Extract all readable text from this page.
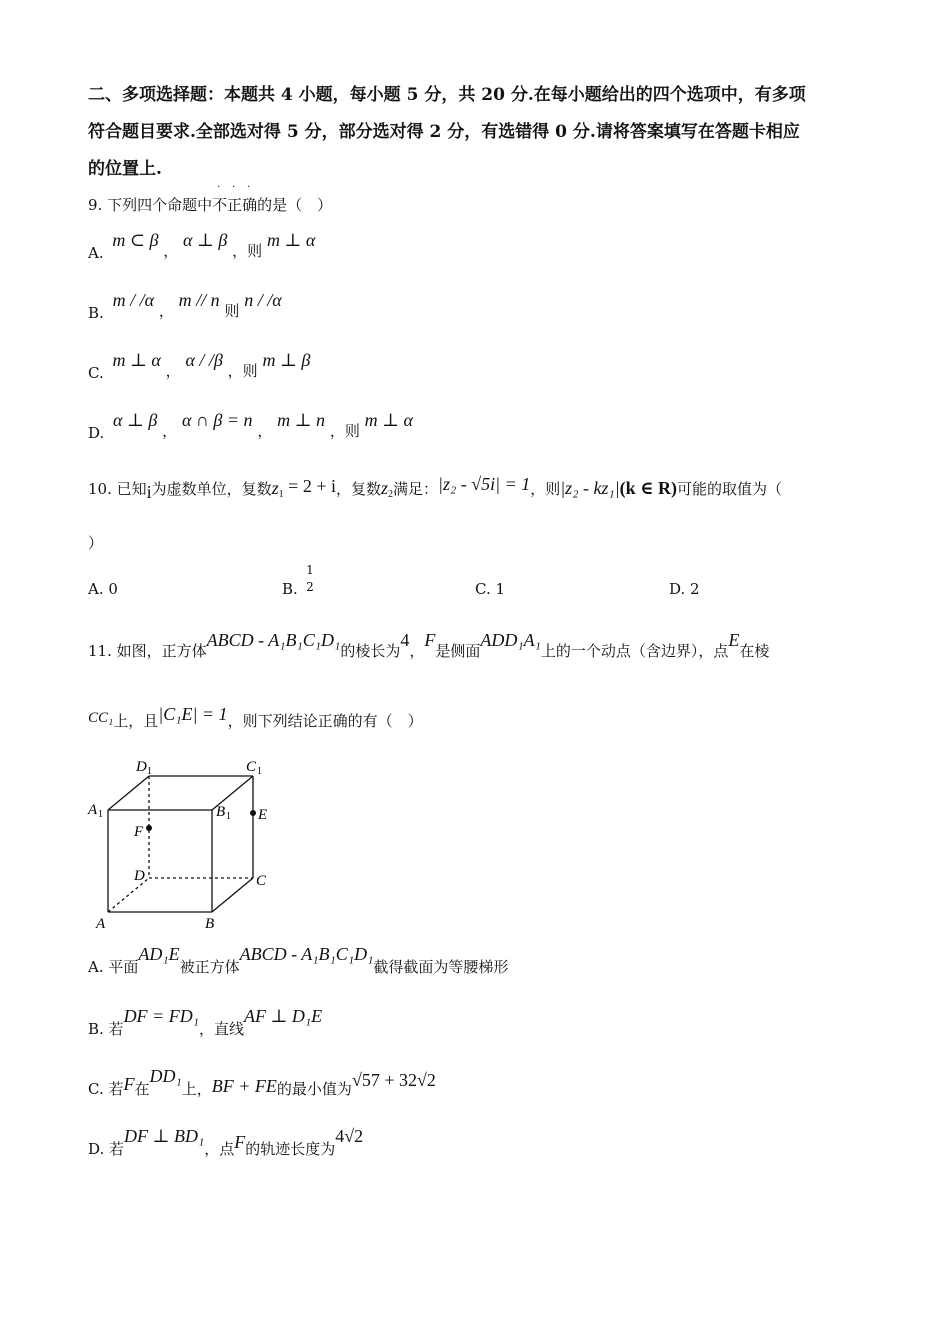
二、多项选择题：本题共 4 小题，每小题 5 分，共 20 分.在每小题给出的四个选项中，有多项
符合题目要求.全部选对得 5 分，部分选对得 2 分，有选错得 0 分.请将答案填写在答题卡相应
的位置上.
9. 下列四个命题中
· · ·
不正确的是（　）
A. m ⊂ β ， α ⊥ β ，则 m ⊥ α
B. m / /α ， m // n 则 n / /α
C. m ⊥ α ， α / /β ，则 m ⊥ β
D. α ⊥ β ， α ∩ β = n ， m ⊥ n ，则 m ⊥ α
10. 已知i为虚数单位，复数$z_1 = 2 + i$，复数$z_2$满足：|z₂ - √5i| = 1，则|z₂ - kz₁|(k ∈ R)可能的取值为（
）
A. 0	B.
1
2	C. 1	D. 2
11. 如图，正方体ABCD - A₁B₁C₁D₁的棱长为4，F是侧面ADD₁A₁上的一个动点（含边界），点E在棱
CC₁上，且|C₁E| = 1，则下列结论正确的有（　）
D 1	C 1
A 1	B 1
F
E
D	C
A	B
A. 平面AD₁E被正方体ABCD - A₁B₁C₁D₁截得截面为等腰梯形
B. 若DF = FD₁，直线AF ⊥ D₁E
C. 若F在DD₁上，BF + FE的最小值为√57 + 32√2
D. 若DF ⊥ BD₁，点F的轨迹长度为4√2
